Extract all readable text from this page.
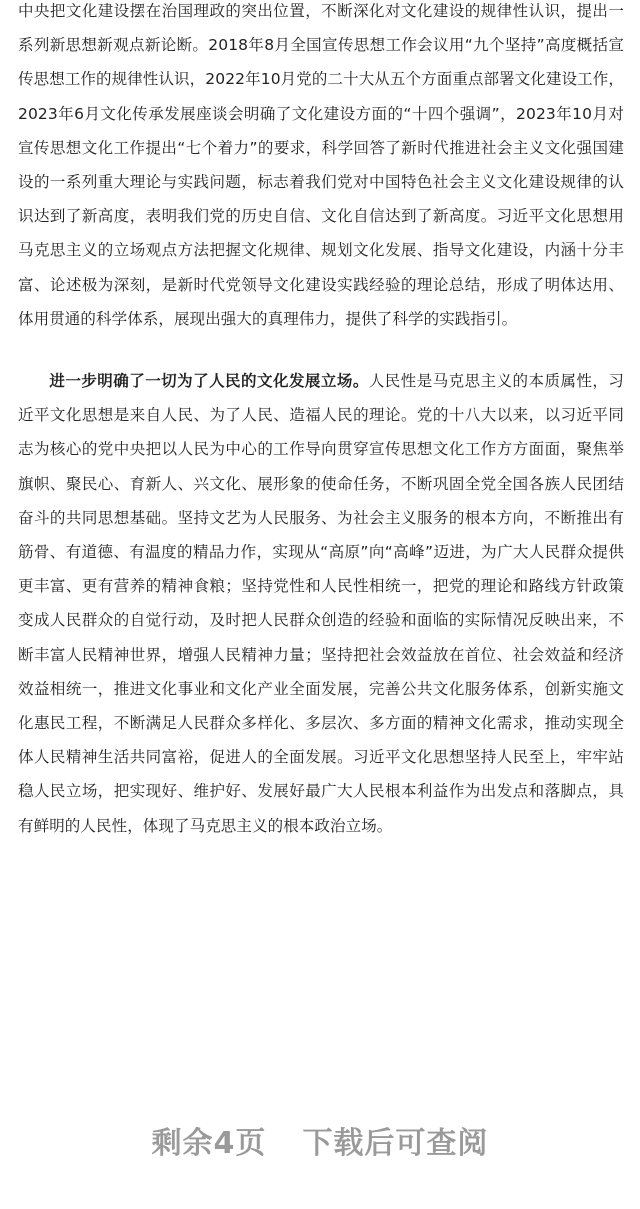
中央把文化建设摆在治国理政的突出位置，不断深化对文化建设的规律性认识，提出一系列新思想新观点新论断。2018年8月全国宣传思想工作会议用“九个坚持”高度概括宣传思想工作的规律性认识，2022年10月党的二十大从五个方面重点部署文化建设工作，2023年6月文化传承发展座谈会明确了文化建设方面的“十四个强调”，2023年10月对宣传思想文化工作提出“七个着力”的要求，科学回答了新时代推进社会主义文化强国建设的一系列重大理论与实践问题，标志着我们党对中国特色社会主义文化建设规律的认识达到了新高度，表明我们党的历史自信、文化自信达到了新高度。习近平文化思想用马克思主义的立场观点方法把握文化规律、规划文化发展、指导文化建设，内涵十分丰富、论述极为深刻，是新时代党领导文化建设实践经验的理论总结，形成了明体达用、体用贯通的科学体系，展现出强大的真理伟力，提供了科学的实践指引。

进一步明确了一切为了人民的文化发展立场。人民性是马克思主义的本质属性，习近平文化思想是来自人民、为了人民、造福人民的理论。党的十八大以来，以习近平同志为核心的党中央把以人民为中心的工作导向贯穿宣传思想文化工作方方面面，聚焦举旗帜、聚民心、育新人、兴文化、展形象的使命任务，不断巩固全党全国各族人民团结奋斗的共同思想基础。坚持文艺为人民服务、为社会主义服务的根本方向，不断推出有筋骨、有道德、有温度的精品力作，实现从“高原”向“高峰”迈进，为广大人民群众提供更丰富、更有营养的精神食粮；坚持党性和人民性相统一，把党的理论和路线方针政策变成人民群众的自觉行动，及时把人民群众创造的经验和面临的实际情况反映出来，不断丰富人民精神世界，增强人民精神力量；坚持把社会效益放在首位、社会效益和经济效益相统一，推进文化事业和文化产业全面发展，完善公共文化服务体系，创新实施文化惠民工程，不断满足人民群众多样化、多层次、多方面的精神文化需求，推动实现全体人民精神生活共同富裕，促进人的全面发展。习近平文化思想坚持人民至上，牢牢站稳人民立场，把实现好、维护好、发展好最广大人民根本利益作为出发点和落脚点，具有鲜明的人民性，体现了马克思主义的根本政治立场。

剩余4页 下载后可查阅
